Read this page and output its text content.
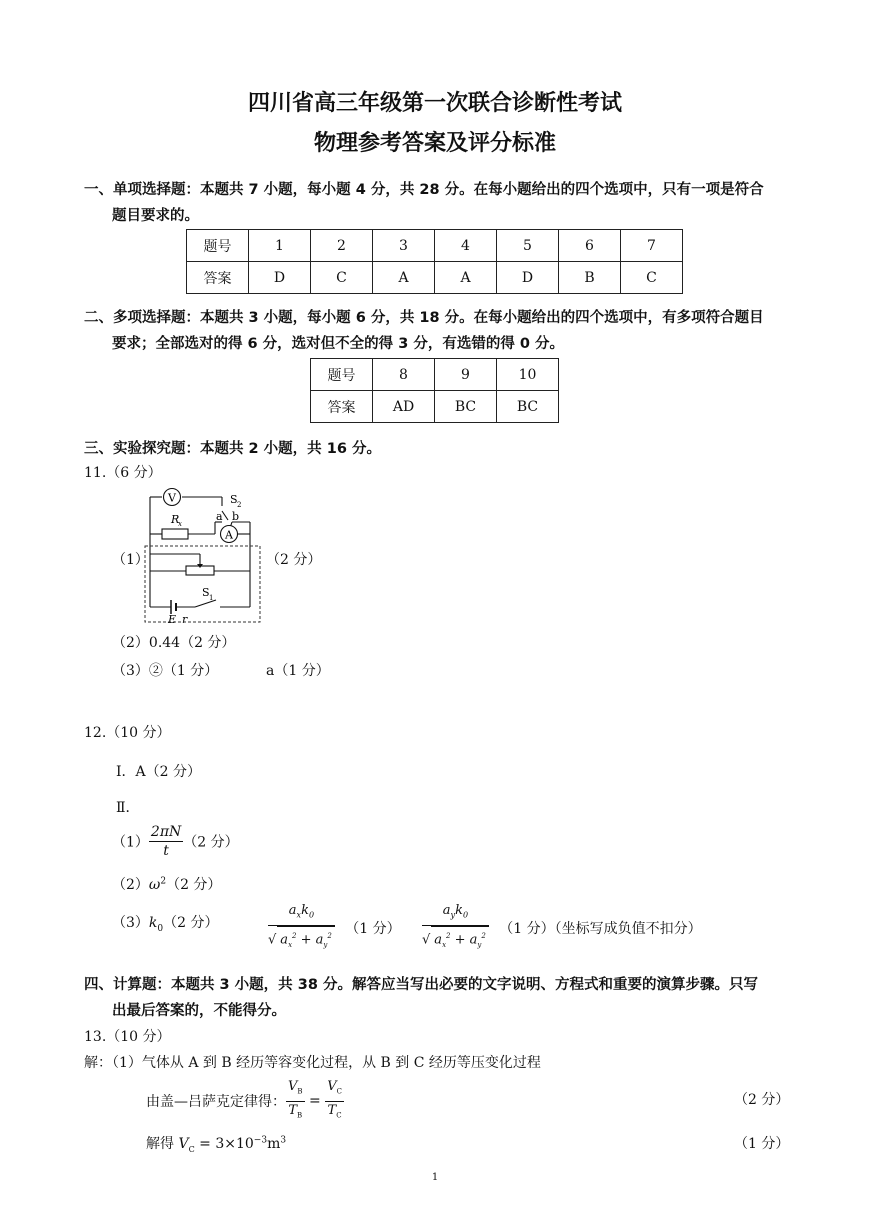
四川省高三年级第一次联合诊断性考试
物理参考答案及评分标准
一、单项选择题：本题共 7 小题，每小题 4 分，共 28 分。在每小题给出的四个选项中，只有一项是符合
题目要求的。
题号	1	2	3	4	5	6	7
答案	D	C	A	A	D	B	C
二、多项选择题：本题共 3 小题，每小题 6 分，共 18 分。在每小题给出的四个选项中，有多项符合题目
要求；全部选对的得 6 分，选对但不全的得 3 分，有选错的得 0 分。
题号	8	9	10
答案	AD	BC	BC
三、实验探究题：本题共 2 小题，共 16 分。
11.（6 分）
（1）	（2 分）
V
R
x
A
S 2
a b
S 1
E r
（2）0.44（2 分）
（3）②（1 分）	a（1 分）
12.（10 分）
Ⅰ．A（2 分）
Ⅱ．
$(1) \frac{2\pi N}{t} (2$ 分）
$(2)\omega^2(2$ 分）
$(3)k_0(2$ 分）	$\frac{a_xk_0}{√ a_x^2 + a_y^2} (1$ 分） $\frac{a_yk_0}{√ a_x^2 + a_y^2} (1$ 分）（坐标写成负值不扣分）
四、计算题：本题共 3 小题，共 38 分。解答应当写出必要的文字说明、方程式和重要的演算步骤。只写
出最后答案的，不能得分。
13.（10 分）
解：（1）气体从 A 到 B 经历等容变化过程，从 B 到 C 经历等压变化过程
由盖—吕萨克定律得： $\frac{V_B}{T_B} = \frac{V_C}{T_C}$	（2 分）
解得 $V_C = 3\times 10^{-3}m^3$	（1 分）
1
